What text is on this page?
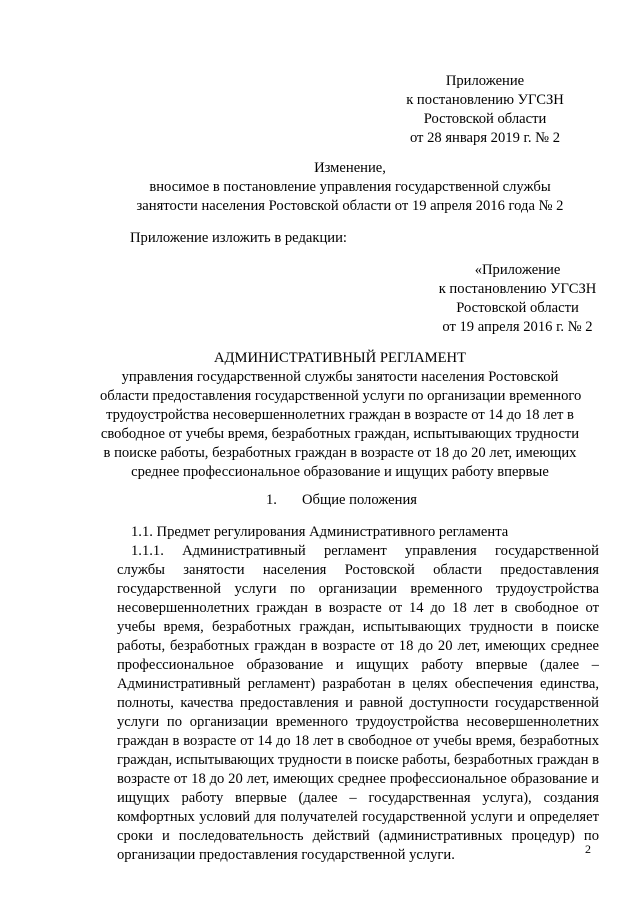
Приложение
к постановлению УГСЗН
Ростовской области
от 28 января 2019 г. № 2
Изменение,
вносимое в постановление управления государственной службы
занятости населения Ростовской области от 19 апреля 2016 года № 2
Приложение изложить в редакции:
«Приложение
к постановлению УГСЗН
Ростовской области
от 19 апреля 2016 г. № 2
АДМИНИСТРАТИВНЫЙ РЕГЛАМЕНТ
управления государственной службы занятости населения Ростовской
области предоставления государственной услуги по организации временного
трудоустройства несовершеннолетних граждан в возрасте от 14 до 18 лет в
свободное от учебы время, безработных граждан, испытывающих трудности
в поиске работы, безработных граждан в возрасте от 18 до 20 лет, имеющих
среднее профессиональное образование и ищущих работу впервые
1. Общие положения
1.1. Предмет регулирования Административного регламента
1.1.1. Административный регламент управления государственной
службы занятости населения Ростовской области предоставления
государственной услуги по организации временного трудоустройства
несовершеннолетних граждан в возрасте от 14 до 18 лет в свободное от
учебы время, безработных граждан, испытывающих трудности в поиске
работы, безработных граждан в возрасте от 18 до 20 лет, имеющих среднее
профессиональное образование и ищущих работу впервые (далее –
Административный регламент) разработан в целях обеспечения единства,
полноты, качества предоставления и равной доступности государственной
услуги по организации временного трудоустройства несовершеннолетних
граждан в возрасте от 14 до 18 лет в свободное от учебы время, безработных
граждан, испытывающих трудности в поиске работы, безработных граждан в
возрасте от 18 до 20 лет, имеющих среднее профессиональное образование и
ищущих работу впервые (далее – государственная услуга), создания
комфортных условий для получателей государственной услуги и определяет
сроки и последовательность действий (административных процедур) по
организации предоставления государственной услуги.	2
